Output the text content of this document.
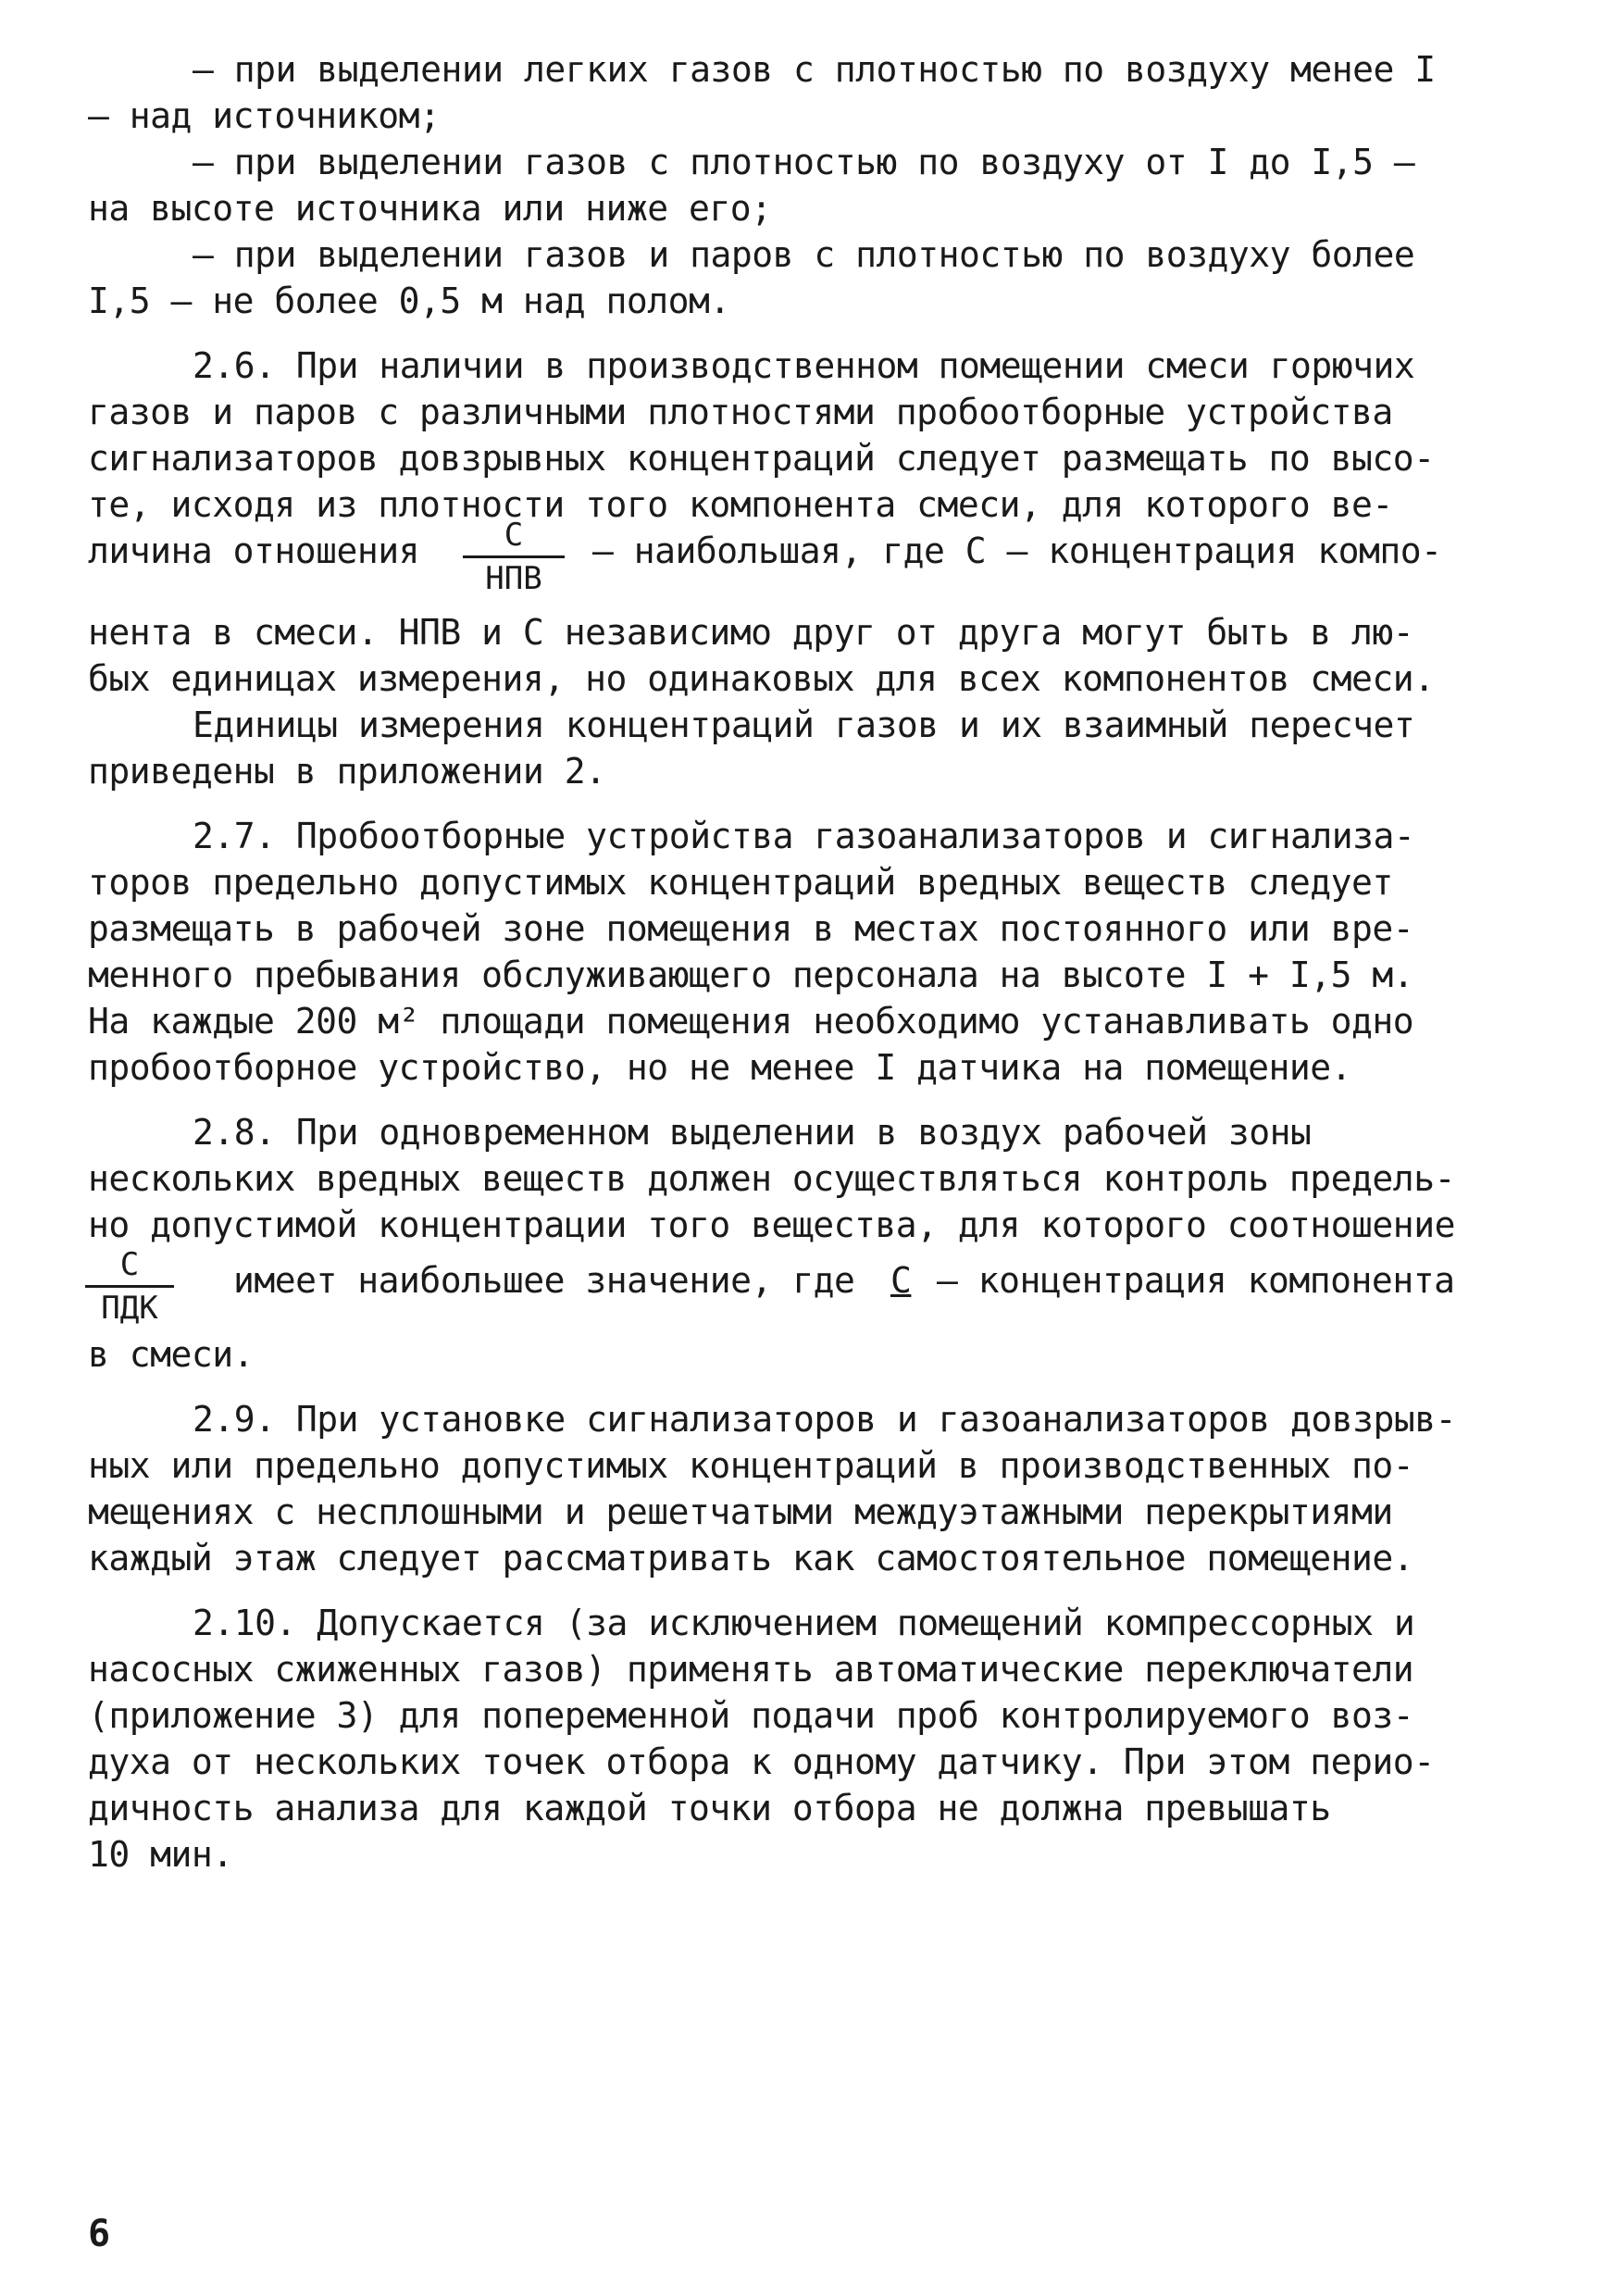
– при выделении легких газов с плотностью по воздуху менее I

– над источником;

– при выделении газов с плотностью по воздуху от I до I,5 –

на высоте источника или ниже его;

– при выделении газов и паров с плотностью по воздуху более

I,5 – не более 0,5 м над полом.

2.6. При наличии в производственном помещении смеси горючих

газов и паров с различными плотностями пробоотборные устройства

сигнализаторов довзрывных концентраций следует размещать по высо-

те, исходя из плотности того компонента смеси, для которого ве-

личина отношения	C
НПВ

– наибольшая, где С – концентрация компо-

нента в смеси. НПВ и С независимо друг от друга могут быть в лю-

бых единицах измерения, но одинаковых для всех компонентов смеси.

Единицы измерения концентраций газов и их взаимный пересчет

приведены в приложении 2.

2.7. Пробоотборные устройства газоанализаторов и сигнализа-

торов предельно допустимых концентраций вредных веществ следует

размещать в рабочей зоне помещения в местах постоянного или вре-

менного пребывания обслуживающего персонала на высоте I + I,5 м.

На каждые 200 м² площади помещения необходимо устанавливать одно

пробоотборное устройство, но не менее I датчика на помещение.

2.8. При одновременном выделении в воздух рабочей зоны

нескольких вредных веществ должен осуществляться контроль предель-

но допустимой концентрации того вещества, для которого соотношение

C
ПДК

имеет наибольшее значение, где C – концентрация компонента

в смеси.

2.9. При установке сигнализаторов и газоанализаторов довзрыв-

ных или предельно допустимых концентраций в производственных по-

мещениях с несплошными и решетчатыми междуэтажными перекрытиями

каждый этаж следует рассматривать как самостоятельное помещение.

2.10. Допускается (за исключением помещений компрессорных и

насосных сжиженных газов) применять автоматические переключатели

(приложение 3) для попеременной подачи проб контролируемого воз-

духа от нескольких точек отбора к одному датчику. При этом перио-

дичность анализа для каждой точки отбора не должна превышать

10 мин.

6
